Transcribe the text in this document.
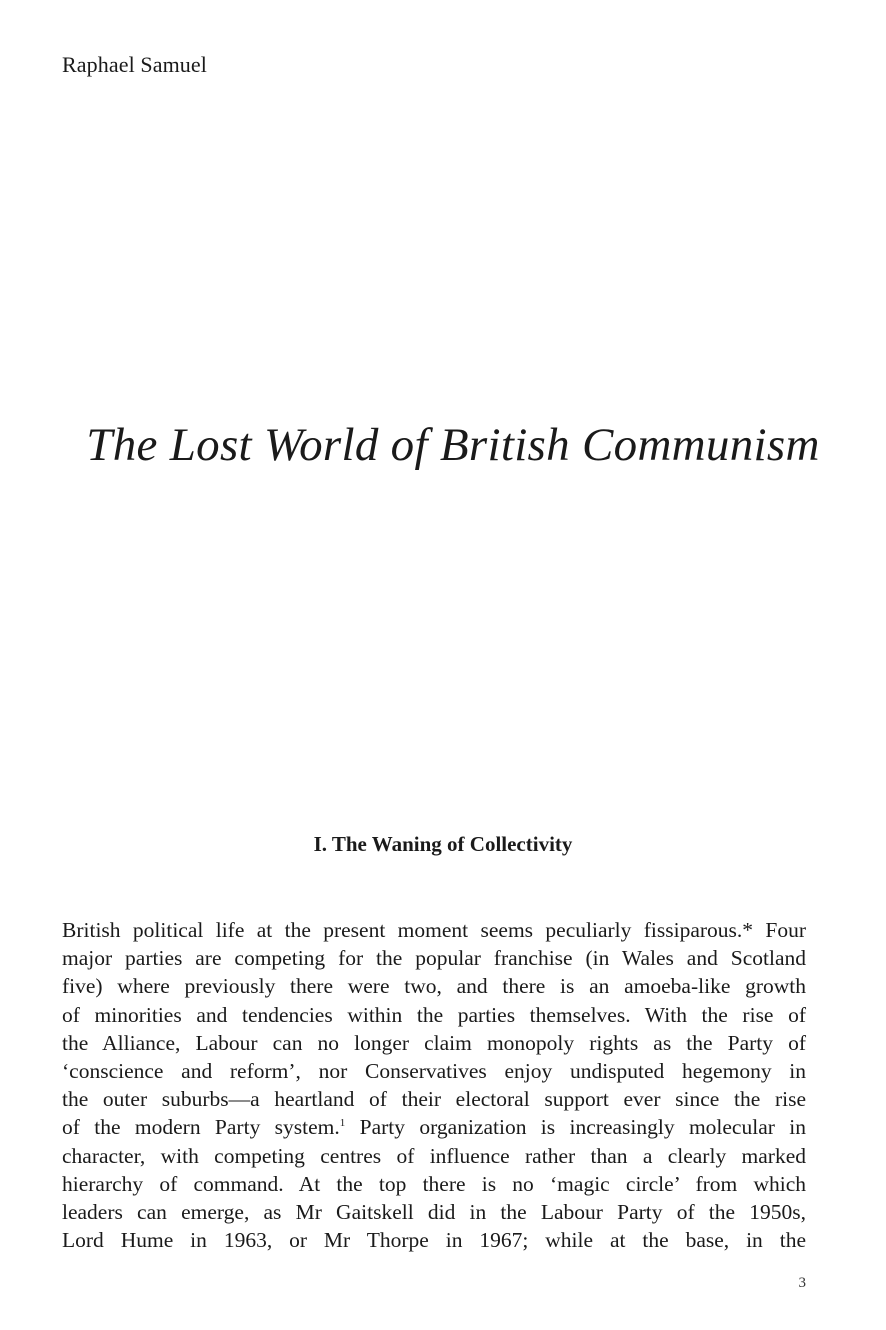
Raphael Samuel
The Lost World of British Communism
I. The Waning of Collectivity
British political life at the present moment seems peculiarly fissiparous.* Four
major parties are competing for the popular franchise (in Wales and Scotland
five) where previously there were two, and there is an amoeba-like growth
of minorities and tendencies within the parties themselves. With the rise of
the Alliance, Labour can no longer claim monopoly rights as the Party of
‘conscience and reform’, nor Conservatives enjoy undisputed hegemony in
the outer suburbs—a heartland of their electoral support ever since the rise
of the modern Party system.$^1$ Party organization is increasingly molecular in
character, with competing centres of influence rather than a clearly marked
hierarchy of command. At the top there is no ‘magic circle’ from which
leaders can emerge, as Mr Gaitskell did in the Labour Party of the 1950s,
Lord Hume in 1963, or Mr Thorpe in 1967; while at the base, in the
3
